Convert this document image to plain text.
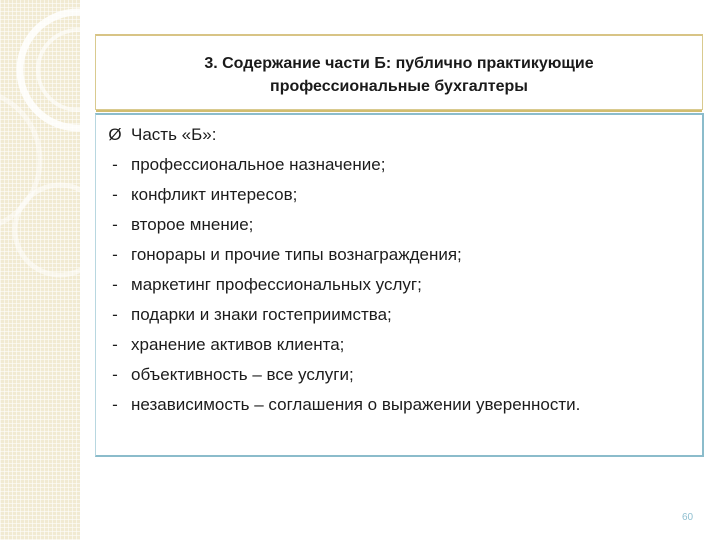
3. Содержание части Б: публично практикующие
профессиональные бухгалтеры
Ø Часть «Б»:
- профессиональное назначение;
- конфликт интересов;
- второе мнение;
- гонорары и прочие типы вознаграждения;
- маркетинг профессиональных услуг;
- подарки и знаки гостеприимства;
- хранение активов клиента;
- объективность – все услуги;
- независимость – соглашения о выражении уверенности.
60
